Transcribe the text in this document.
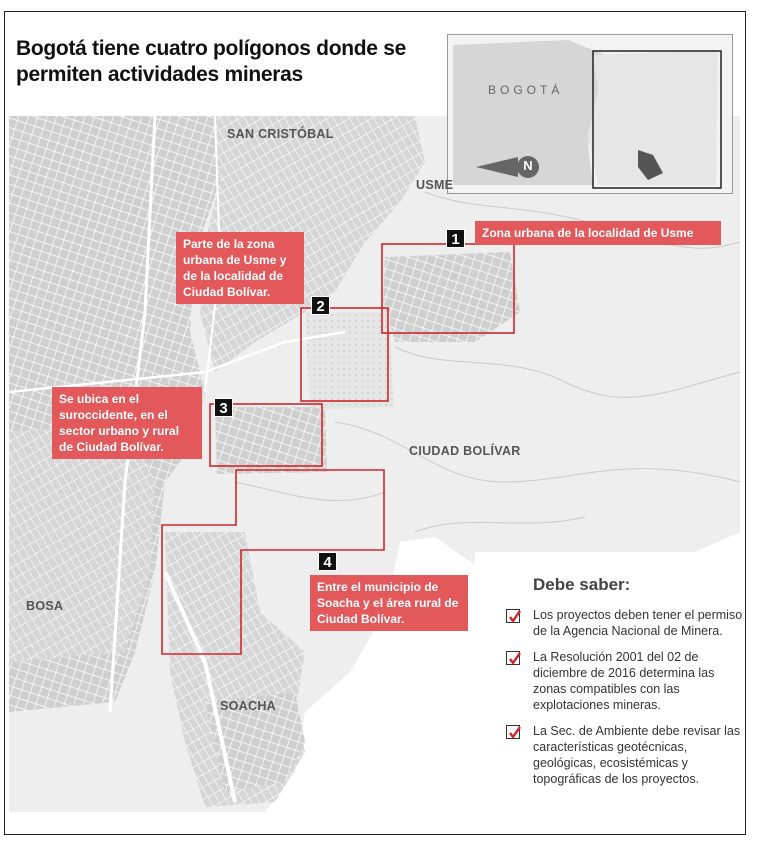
Bogotá tiene cuatro polígonos donde se permiten actividades mineras
BOGOTÁ
N
SAN CRISTÓBAL
USME
CIUDAD BOLÍVAR
BOSA
SOACHA
1
2
3
4
Zona urbana de la localidad de Usme
Parte de la zona urbana de Usme y de la localidad de Ciudad Bolívar.
Se ubica en el suroccidente, en el sector urbano y rural de Ciudad Bolívar.
Entre el municipio de Soacha y el área rural de Ciudad Bolívar.
Debe saber:
Los proyectos deben tener el permiso de la Agencia Nacional de Minera.
La Resolución 2001 del 02 de diciembre de 2016 determina las zonas compatibles con las explotaciones mineras.
La Sec. de Ambiente debe revisar las características geotécnicas, geológicas, ecosistémicas y topográficas de los proyectos.
